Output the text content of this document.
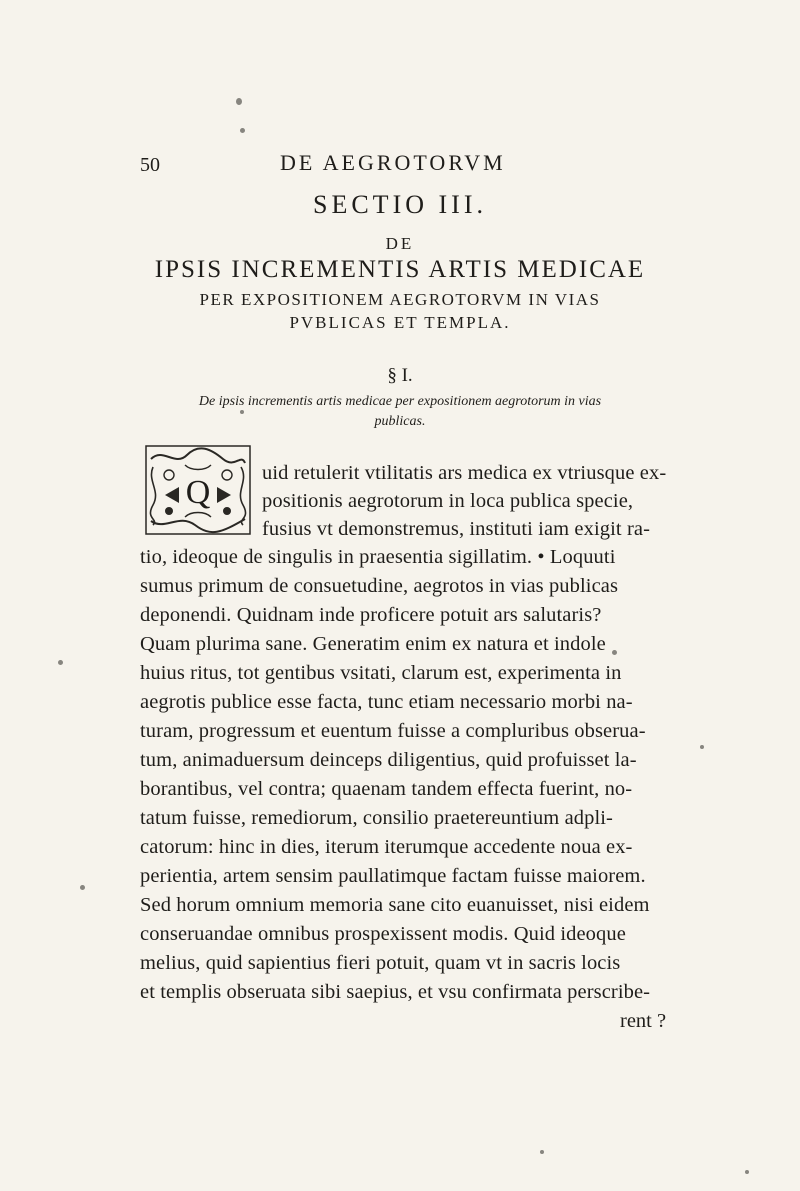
50	DE AEGROTORVM
SECTIO III.
DE
IPSIS INCREMENTIS ARTIS MEDICAE
PER EXPOSITIONEM AEGROTORVM IN VIAS
PVBLICAS ET TEMPLA.
§ I.
De ipsis incrementis artis medicae per expositionem aegrotorum in vias
publicas.
Q
uid retulerit vtilitatis ars medica ex vtriusque ex-
positionis aegrotorum in loca publica specie,
fusius vt demonstremus, instituti iam exigit ra-
tio, ideoque de singulis in praesentia sigillatim. • Loquuti
sumus primum de consuetudine, aegrotos in vias publicas
deponendi. Quidnam inde proficere potuit ars salutaris?
Quam plurima sane. Generatim enim ex natura et indole
huius ritus, tot gentibus vsitati, clarum est, experimenta in
aegrotis publice esse facta, tunc etiam necessario morbi na-
turam, progressum et euentum fuisse a compluribus obserua-
tum, animaduersum deinceps diligentius, quid profuisset la-
borantibus, vel contra; quaenam tandem effecta fuerint, no-
tatum fuisse, remediorum, consilio praetereuntium adpli-
catorum: hinc in dies, iterum iterumque accedente noua ex-
perientia, artem sensim paullatimque factam fuisse maiorem.
Sed horum omnium memoria sane cito euanuisset, nisi eidem
conseruandae omnibus prospexissent modis. Quid ideoque
melius, quid sapientius fieri potuit, quam vt in sacris locis
et templis obseruata sibi saepius, et vsu confirmata perscribe-
rent ?
